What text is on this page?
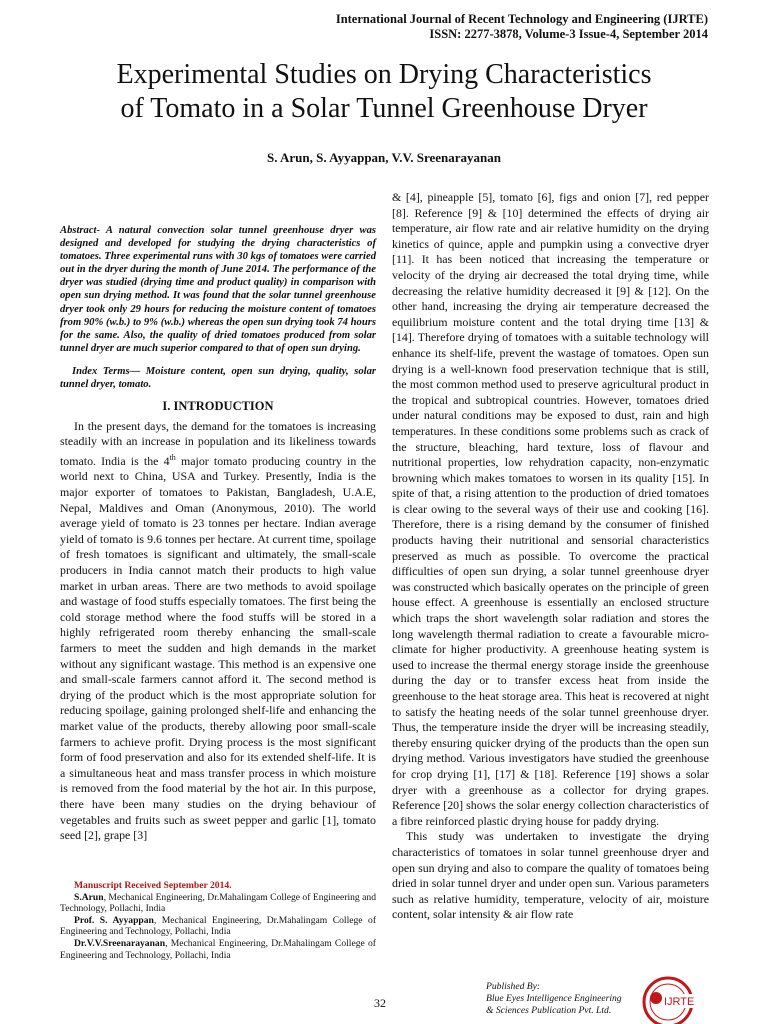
International Journal of Recent Technology and Engineering (IJRTE)
ISSN: 2277-3878, Volume-3 Issue-4, September 2014
Experimental Studies on Drying Characteristics
of Tomato in a Solar Tunnel Greenhouse Dryer
S. Arun, S. Ayyappan, V.V. Sreenarayanan

Abstract- A natural convection solar tunnel greenhouse dryer was designed and developed for studying the drying characteristics of tomatoes. Three experimental runs with 30 kgs of tomatoes were carried out in the dryer during the month of June 2014. The performance of the dryer was studied (drying time and product quality) in comparison with open sun drying method. It was found that the solar tunnel greenhouse dryer took only 29 hours for reducing the moisture content of tomatoes from 90% (w.b.) to 9% (w.b.) whereas the open sun drying took 74 hours for the same. Also, the quality of dried tomatoes produced from solar tunnel dryer are much superior compared to that of open sun drying.

Index Terms— Moisture content, open sun drying, quality, solar tunnel dryer, tomato.

I. INTRODUCTION

In the present days, the demand for the tomatoes is increasing steadily with an increase in population and its likeliness towards tomato. India is the 4th major tomato producing country in the world next to China, USA and Turkey. Presently, India is the major exporter of tomatoes to Pakistan, Bangladesh, U.A.E, Nepal, Maldives and Oman (Anonymous, 2010). The world average yield of tomato is 23 tonnes per hectare. Indian average yield of tomato is 9.6 tonnes per hectare. At current time, spoilage of fresh tomatoes is significant and ultimately, the small-scale producers in India cannot match their products to high value market in urban areas. There are two methods to avoid spoilage and wastage of food stuffs especially tomatoes. The first being the cold storage method where the food stuffs will be stored in a highly refrigerated room thereby enhancing the small-scale farmers to meet the sudden and high demands in the market without any significant wastage. This method is an expensive one and small-scale farmers cannot afford it. The second method is drying of the product which is the most appropriate solution for reducing spoilage, gaining prolonged shelf-life and enhancing the market value of the products, thereby allowing poor small-scale farmers to achieve profit. Drying process is the most significant form of food preservation and also for its extended shelf-life. It is a simultaneous heat and mass transfer process in which moisture is removed from the food material by the hot air. In this purpose, there have been many studies on the drying behaviour of vegetables and fruits such as sweet pepper and garlic [1], tomato seed [2], grape [3]

& [4], pineapple [5], tomato [6], figs and onion [7], red pepper [8]. Reference [9] & [10] determined the effects of drying air temperature, air flow rate and air relative humidity on the drying kinetics of quince, apple and pumpkin using a convective dryer [11]. It has been noticed that increasing the temperature or velocity of the drying air decreased the total drying time, while decreasing the relative humidity decreased it [9] & [12]. On the other hand, increasing the drying air temperature decreased the equilibrium moisture content and the total drying time [13] & [14]. Therefore drying of tomatoes with a suitable technology will enhance its shelf-life, prevent the wastage of tomatoes. Open sun drying is a well-known food preservation technique that is still, the most common method used to preserve agricultural product in the tropical and subtropical countries. However, tomatoes dried under natural conditions may be exposed to dust, rain and high temperatures. In these conditions some problems such as crack of the structure, bleaching, hard texture, loss of flavour and nutritional properties, low rehydration capacity, non-enzymatic browning which makes tomatoes to worsen in its quality [15]. In spite of that, a rising attention to the production of dried tomatoes is clear owing to the several ways of their use and cooking [16]. Therefore, there is a rising demand by the consumer of finished products having their nutritional and sensorial characteristics preserved as much as possible. To overcome the practical difficulties of open sun drying, a solar tunnel greenhouse dryer was constructed which basically operates on the principle of green house effect. A greenhouse is essentially an enclosed structure which traps the short wavelength solar radiation and stores the long wavelength thermal radiation to create a favourable micro-climate for higher productivity. A greenhouse heating system is used to increase the thermal energy storage inside the greenhouse during the day or to transfer excess heat from inside the greenhouse to the heat storage area. This heat is recovered at night to satisfy the heating needs of the solar tunnel greenhouse dryer. Thus, the temperature inside the dryer will be increasing steadily, thereby ensuring quicker drying of the products than the open sun drying method. Various investigators have studied the greenhouse for crop drying [1], [17] & [18]. Reference [19] shows a solar dryer with a greenhouse as a collector for drying grapes. Reference [20] shows the solar energy collection characteristics of a fibre reinforced plastic drying house for paddy drying.

This study was undertaken to investigate the drying characteristics of tomatoes in solar tunnel greenhouse dryer and open sun drying and also to compare the quality of tomatoes being dried in solar tunnel dryer and under open sun. Various parameters such as relative humidity, temperature, velocity of air, moisture content, solar intensity & air flow rate

Manuscript Received September 2014.

S.Arun, Mechanical Engineering, Dr.Mahalingam College of Engineering and Technology, Pollachi, India

Prof. S. Ayyappan, Mechanical Engineering, Dr.Mahalingam College of Engineering and Technology, Pollachi, India

Dr.V.V.Sreenarayanan, Mechanical Engineering, Dr.Mahalingam College of Engineering and Technology, Pollachi, India

32
Published By:
Blue Eyes Intelligence Engineering
& Sciences Publication Pvt. Ltd.
IJRTE
